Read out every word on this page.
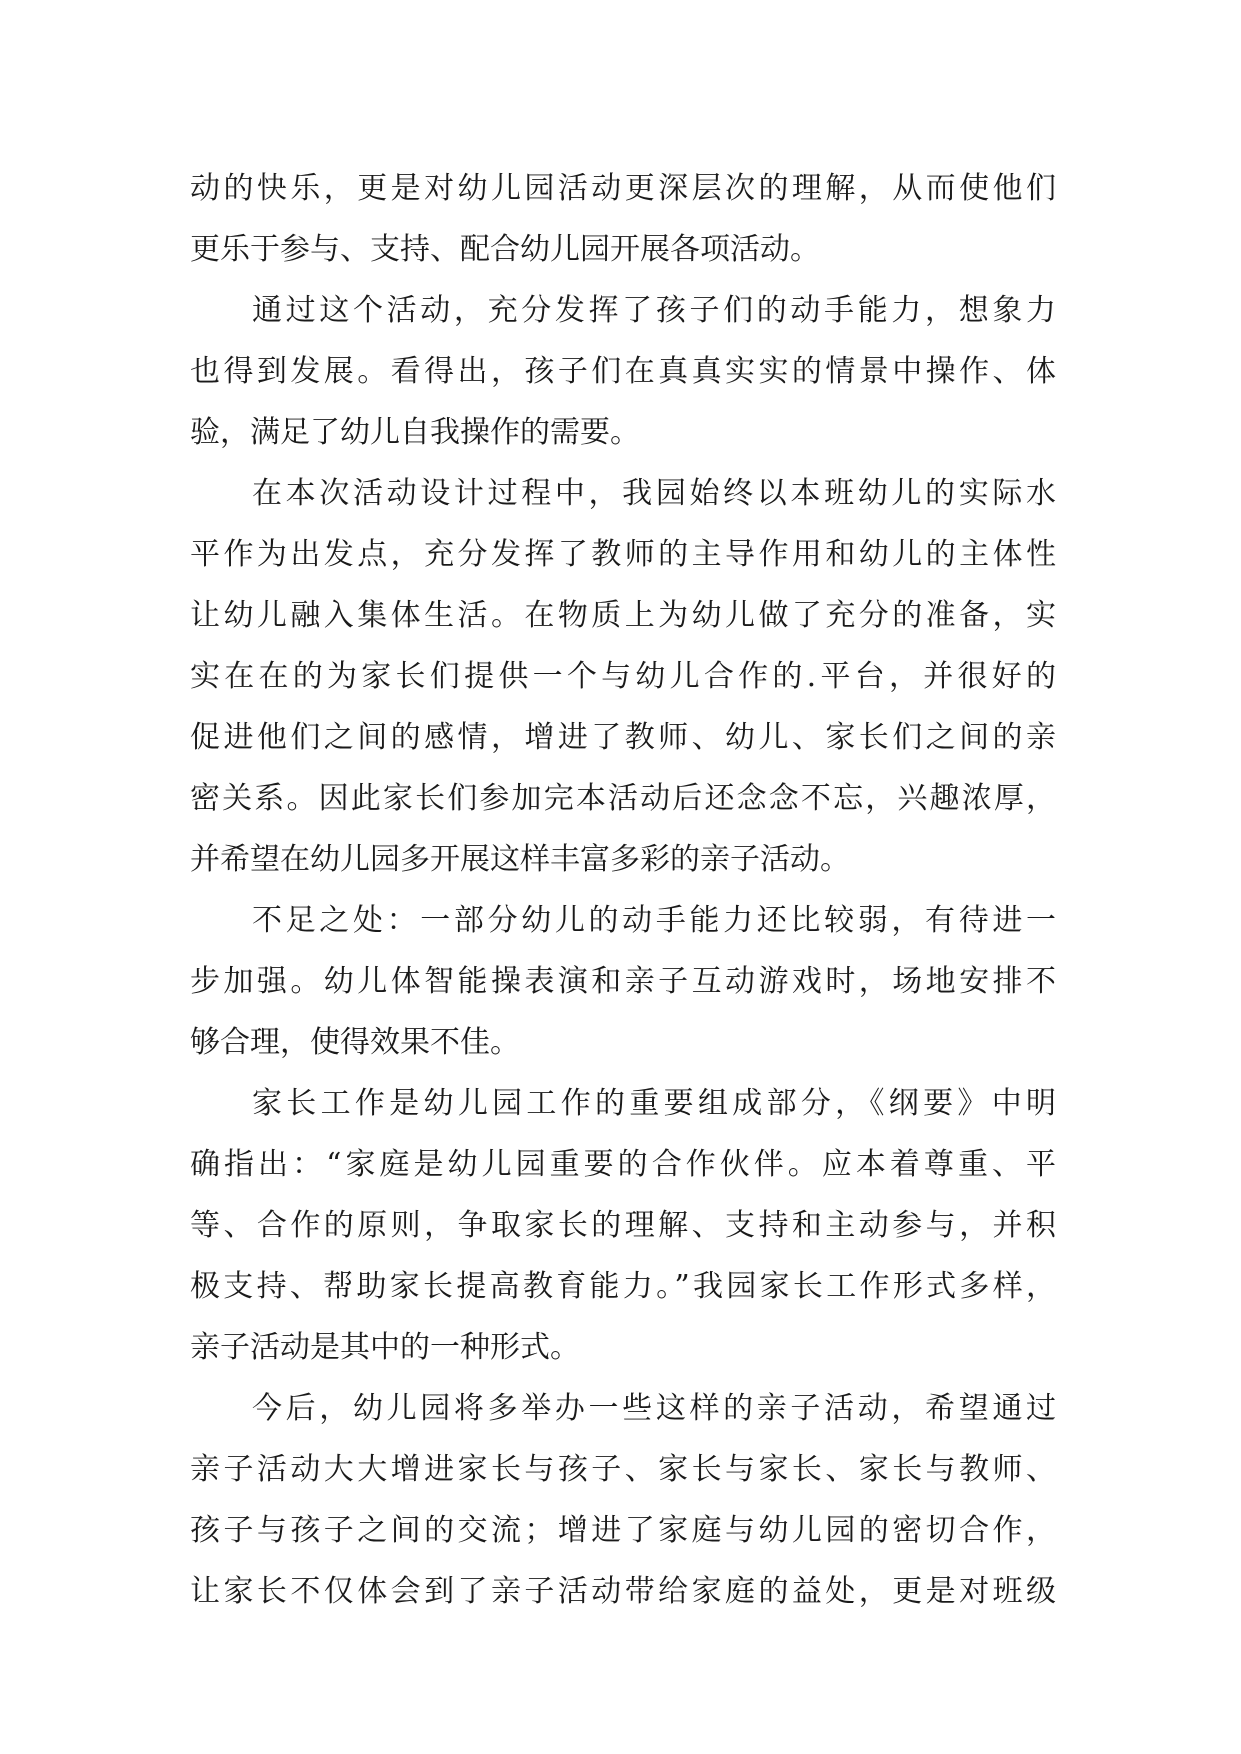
动的快乐，更是对幼儿园活动更深层次的理解，从而使他们
更乐于参与、支持、配合幼儿园开展各项活动。
通过这个活动，充分发挥了孩子们的动手能力，想象力
也得到发展。看得出，孩子们在真真实实的情景中操作、体
验，满足了幼儿自我操作的需要。
在本次活动设计过程中，我园始终以本班幼儿的实际水
平作为出发点，充分发挥了教师的主导作用和幼儿的主体性
让幼儿融入集体生活。在物质上为幼儿做了充分的准备，实
实在在的为家长们提供一个与幼儿合作的.平台，并很好的
促进他们之间的感情，增进了教师、幼儿、家长们之间的亲
密关系。因此家长们参加完本活动后还念念不忘，兴趣浓厚，
并希望在幼儿园多开展这样丰富多彩的亲子活动。
不足之处：一部分幼儿的动手能力还比较弱，有待进一
步加强。幼儿体智能操表演和亲子互动游戏时，场地安排不
够合理，使得效果不佳。
家长工作是幼儿园工作的重要组成部分，《纲要》中明
确指出：“家庭是幼儿园重要的合作伙伴。应本着尊重、平
等、合作的原则，争取家长的理解、支持和主动参与，并积
极支持、帮助家长提高教育能力。”我园家长工作形式多样，
亲子活动是其中的一种形式。
今后，幼儿园将多举办一些这样的亲子活动，希望通过
亲子活动大大增进家长与孩子、家长与家长、家长与教师、
孩子与孩子之间的交流；增进了家庭与幼儿园的密切合作，
让家长不仅体会到了亲子活动带给家庭的益处，更是对班级
